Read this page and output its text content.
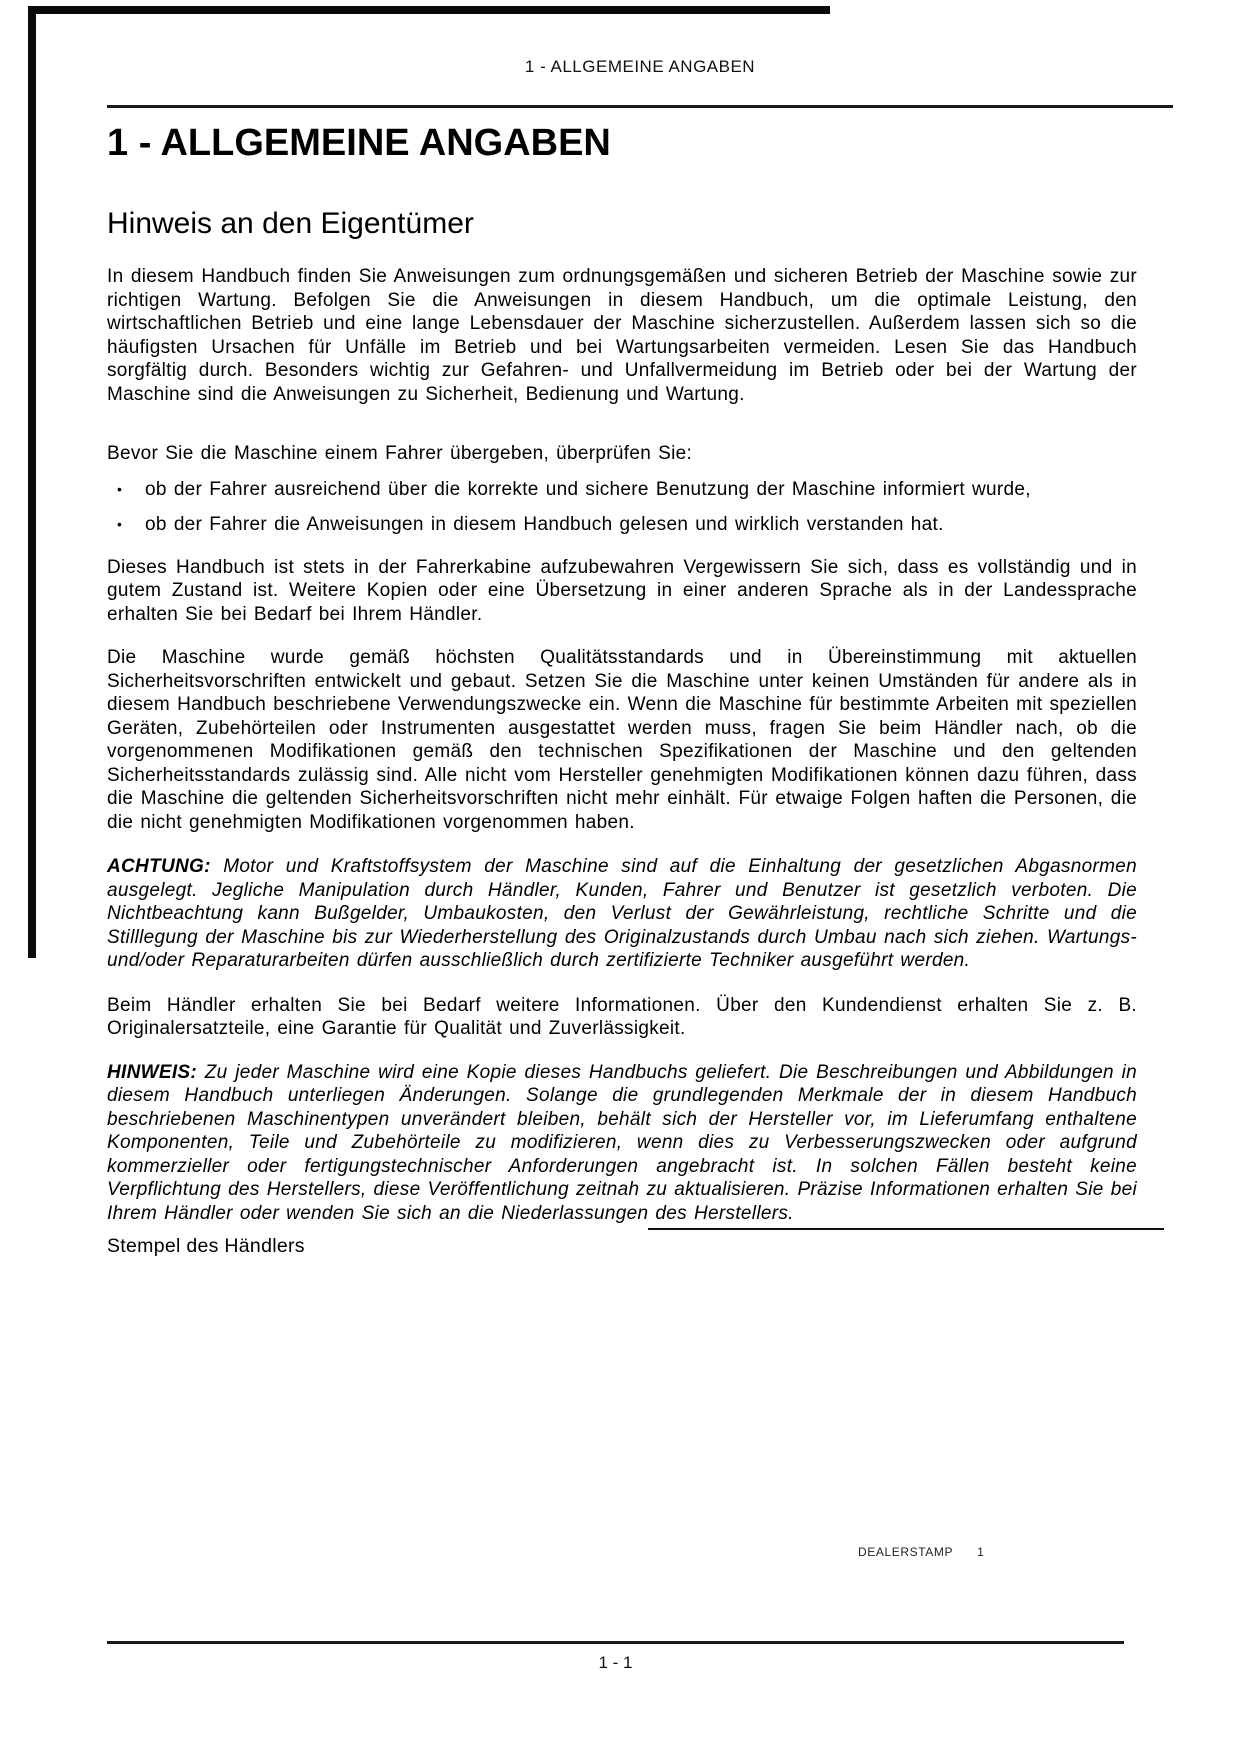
1 - ALLGEMEINE ANGABEN
1 - ALLGEMEINE ANGABEN
Hinweis an den Eigentümer

In diesem Handbuch finden Sie Anweisungen zum ordnungsgemäßen und sicheren Betrieb der Maschine sowie zur richtigen Wartung. Befolgen Sie die Anweisungen in diesem Handbuch, um die optimale Leistung, den wirtschaftlichen Betrieb und eine lange Lebensdauer der Maschine sicherzustellen. Außerdem lassen sich so die häufigsten Ursachen für Unfälle im Betrieb und bei Wartungsarbeiten vermeiden. Lesen Sie das Handbuch sorgfältig durch. Besonders wichtig zur Gefahren- und Unfallvermeidung im Betrieb oder bei der Wartung der Maschine sind die Anweisungen zu Sicherheit, Bedienung und Wartung.

Bevor Sie die Maschine einem Fahrer übergeben, überprüfen Sie:

•	ob der Fahrer ausreichend über die korrekte und sichere Benutzung der Maschine informiert wurde,
•	ob der Fahrer die Anweisungen in diesem Handbuch gelesen und wirklich verstanden hat.

Dieses Handbuch ist stets in der Fahrerkabine aufzubewahren Vergewissern Sie sich, dass es vollständig und in gutem Zustand ist. Weitere Kopien oder eine Übersetzung in einer anderen Sprache als in der Landessprache erhalten Sie bei Bedarf bei Ihrem Händler.

Die Maschine wurde gemäß höchsten Qualitätsstandards und in Übereinstimmung mit aktuellen Sicherheitsvorschriften entwickelt und gebaut. Setzen Sie die Maschine unter keinen Umständen für andere als in diesem Handbuch beschriebene Verwendungszwecke ein. Wenn die Maschine für bestimmte Arbeiten mit speziellen Geräten, Zubehörteilen oder Instrumenten ausgestattet werden muss, fragen Sie beim Händler nach, ob die vorgenommenen Modifikationen gemäß den technischen Spezifikationen der Maschine und den geltenden Sicherheitsstandards zulässig sind. Alle nicht vom Hersteller genehmigten Modifikationen können dazu führen, dass die Maschine die geltenden Sicherheitsvorschriften nicht mehr einhält. Für etwaige Folgen haften die Personen, die die nicht genehmigten Modifikationen vorgenommen haben.

ACHTUNG: Motor und Kraftstoffsystem der Maschine sind auf die Einhaltung der gesetzlichen Abgasnormen ausgelegt. Jegliche Manipulation durch Händler, Kunden, Fahrer und Benutzer ist gesetzlich verboten. Die Nichtbeachtung kann Bußgelder, Umbaukosten, den Verlust der Gewährleistung, rechtliche Schritte und die Stilllegung der Maschine bis zur Wiederherstellung des Originalzustands durch Umbau nach sich ziehen. Wartungs- und/oder Reparaturarbeiten dürfen ausschließlich durch zertifizierte Techniker ausgeführt werden.

Beim Händler erhalten Sie bei Bedarf weitere Informationen. Über den Kundendienst erhalten Sie z. B. Originalersatzteile, eine Garantie für Qualität und Zuverlässigkeit.

HINWEIS: Zu jeder Maschine wird eine Kopie dieses Handbuchs geliefert. Die Beschreibungen und Abbildungen in diesem Handbuch unterliegen Änderungen. Solange die grundlegenden Merkmale der in diesem Handbuch beschriebenen Maschinentypen unverändert bleiben, behält sich der Hersteller vor, im Lieferumfang enthaltene Komponenten, Teile und Zubehörteile zu modifizieren, wenn dies zu Verbesserungszwecken oder aufgrund kommerzieller oder fertigungstechnischer Anforderungen angebracht ist. In solchen Fällen besteht keine Verpflichtung des Herstellers, diese Veröffentlichung zeitnah zu aktualisieren. Präzise Informationen erhalten Sie bei Ihrem Händler oder wenden Sie sich an die Niederlassungen des Herstellers.

Stempel des Händlers
DEALERSTAMP 1
1 - 1
